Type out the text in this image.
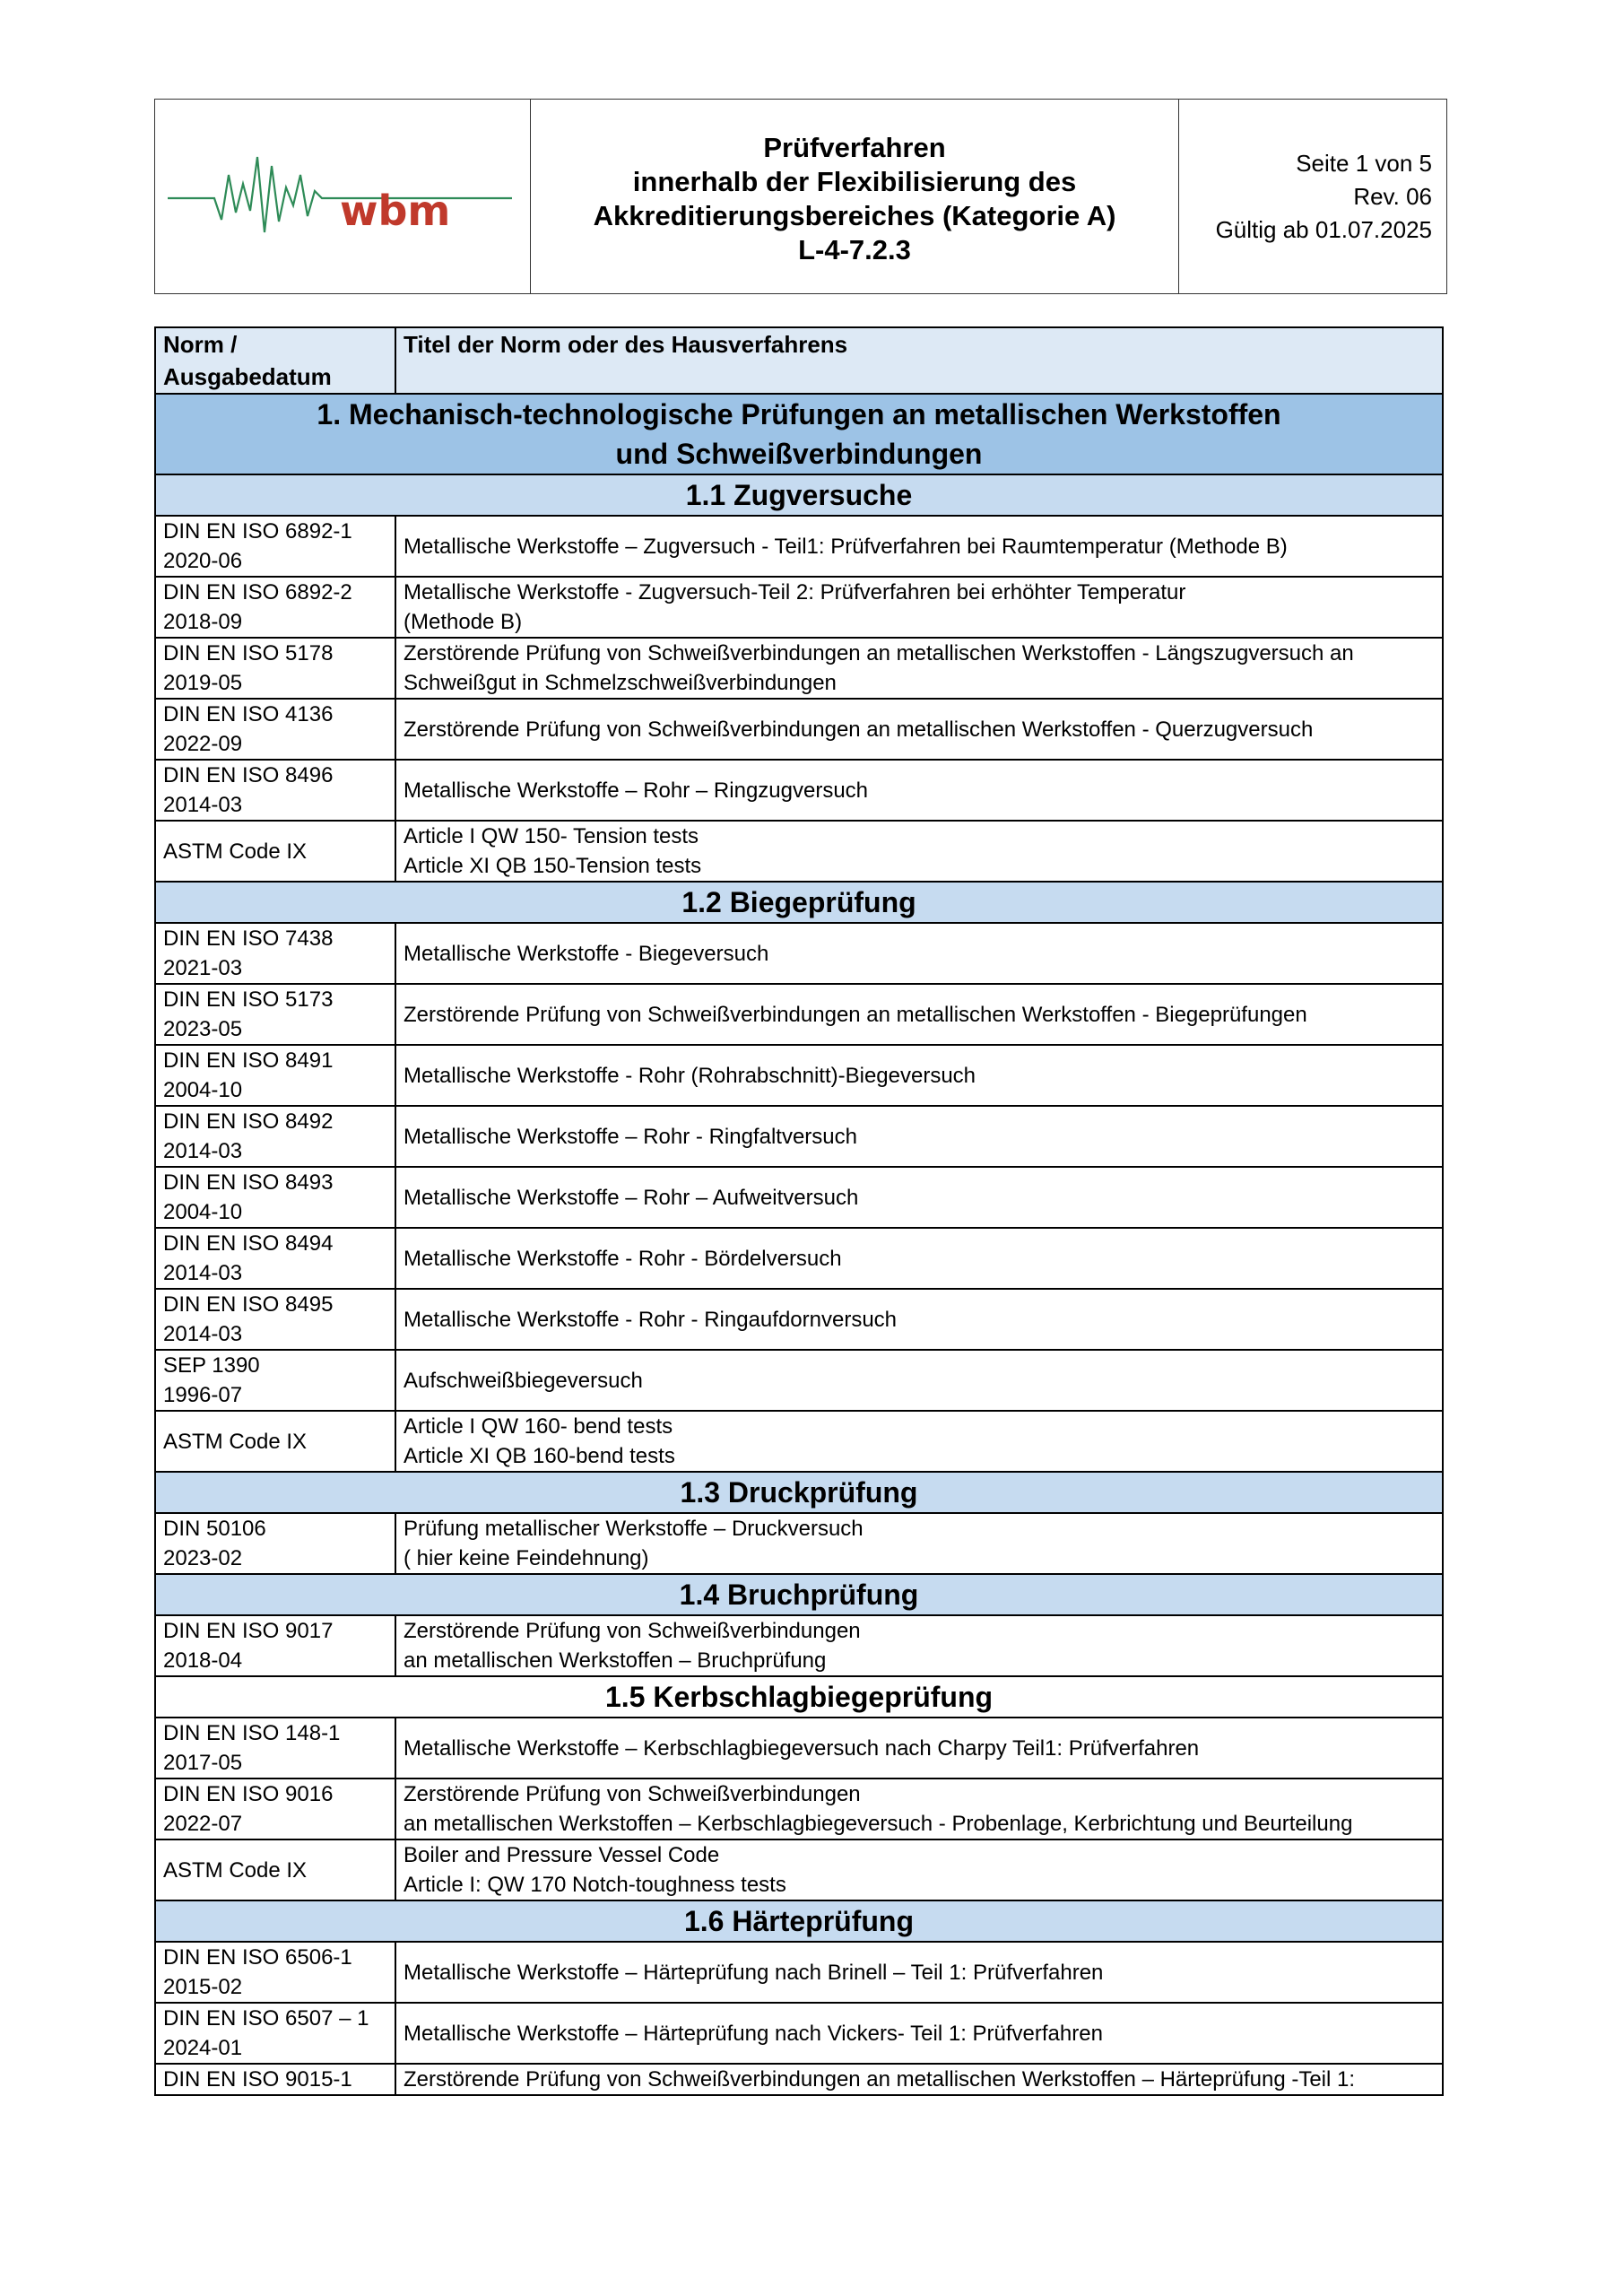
wbm
Prüfverfahren
innerhalb der Flexibilisierung des
Akkreditierungsbereiches (Kategorie A)
L-4-7.2.3
Seite 1 von 5
Rev. 06
Gültig ab 01.07.2025
Norm /
Ausgabedatum	Titel der Norm oder des Hausverfahrens

1. Mechanisch-technologische Prüfungen an metallischen Werkstoffen
und Schweißverbindungen	

1.1 Zugversuche	

DIN EN ISO 6892-1
2020-06	Metallische Werkstoffe – Zugversuch - Teil1: Prüfverfahren bei Raumtemperatur (Methode B)

DIN EN ISO 6892-2
2018-09	Metallische Werkstoffe - Zugversuch-Teil 2: Prüfverfahren bei erhöhter Temperatur
(Methode B)

DIN EN ISO 5178
2019-05	Zerstörende Prüfung von Schweißverbindungen an metallischen Werkstoffen - Längszugversuch an
Schweißgut in Schmelzschweißverbindungen

DIN EN ISO 4136
2022-09	Zerstörende Prüfung von Schweißverbindungen an metallischen Werkstoffen - Querzugversuch

DIN EN ISO 8496
2014-03	Metallische Werkstoffe – Rohr – Ringzugversuch

ASTM Code IX	Article I QW 150- Tension tests
Article XI QB 150-Tension tests

1.2 Biegeprüfung	

DIN EN ISO 7438
2021-03	Metallische Werkstoffe - Biegeversuch

DIN EN ISO 5173
2023-05	Zerstörende Prüfung von Schweißverbindungen an metallischen Werkstoffen - Biegeprüfungen

DIN EN ISO 8491
2004-10	Metallische Werkstoffe - Rohr (Rohrabschnitt)-Biegeversuch

DIN EN ISO 8492
2014-03	Metallische Werkstoffe – Rohr - Ringfaltversuch

DIN EN ISO 8493
2004-10	Metallische Werkstoffe – Rohr – Aufweitversuch

DIN EN ISO 8494
2014-03	Metallische Werkstoffe - Rohr - Bördelversuch

DIN EN ISO 8495
2014-03	Metallische Werkstoffe - Rohr - Ringaufdornversuch

SEP 1390
1996-07	Aufschweißbiegeversuch

ASTM Code IX	Article I QW 160- bend tests
Article XI QB 160-bend tests

1.3 Druckprüfung	

DIN 50106
2023-02	Prüfung metallischer Werkstoffe – Druckversuch
( hier keine Feindehnung)

1.4 Bruchprüfung	

DIN EN ISO 9017
2018-04	Zerstörende Prüfung von Schweißverbindungen
an metallischen Werkstoffen – Bruchprüfung

1.5 Kerbschlagbiegeprüfung	

DIN EN ISO 148-1
2017-05	Metallische Werkstoffe – Kerbschlagbiegeversuch nach Charpy Teil1: Prüfverfahren

DIN EN ISO 9016
2022-07	Zerstörende Prüfung von Schweißverbindungen
an metallischen Werkstoffen – Kerbschlagbiegeversuch - Probenlage, Kerbrichtung und Beurteilung

ASTM Code IX	Boiler and Pressure Vessel Code
Article I: QW 170 Notch-toughness tests

1.6 Härteprüfung	

DIN EN ISO 6506-1
2015-02	Metallische Werkstoffe – Härteprüfung nach Brinell – Teil 1: Prüfverfahren

DIN EN ISO 6507 – 1
2024-01	Metallische Werkstoffe – Härteprüfung nach Vickers- Teil 1: Prüfverfahren

DIN EN ISO 9015-1	Zerstörende Prüfung von Schweißverbindungen an metallischen Werkstoffen – Härteprüfung -Teil 1:
